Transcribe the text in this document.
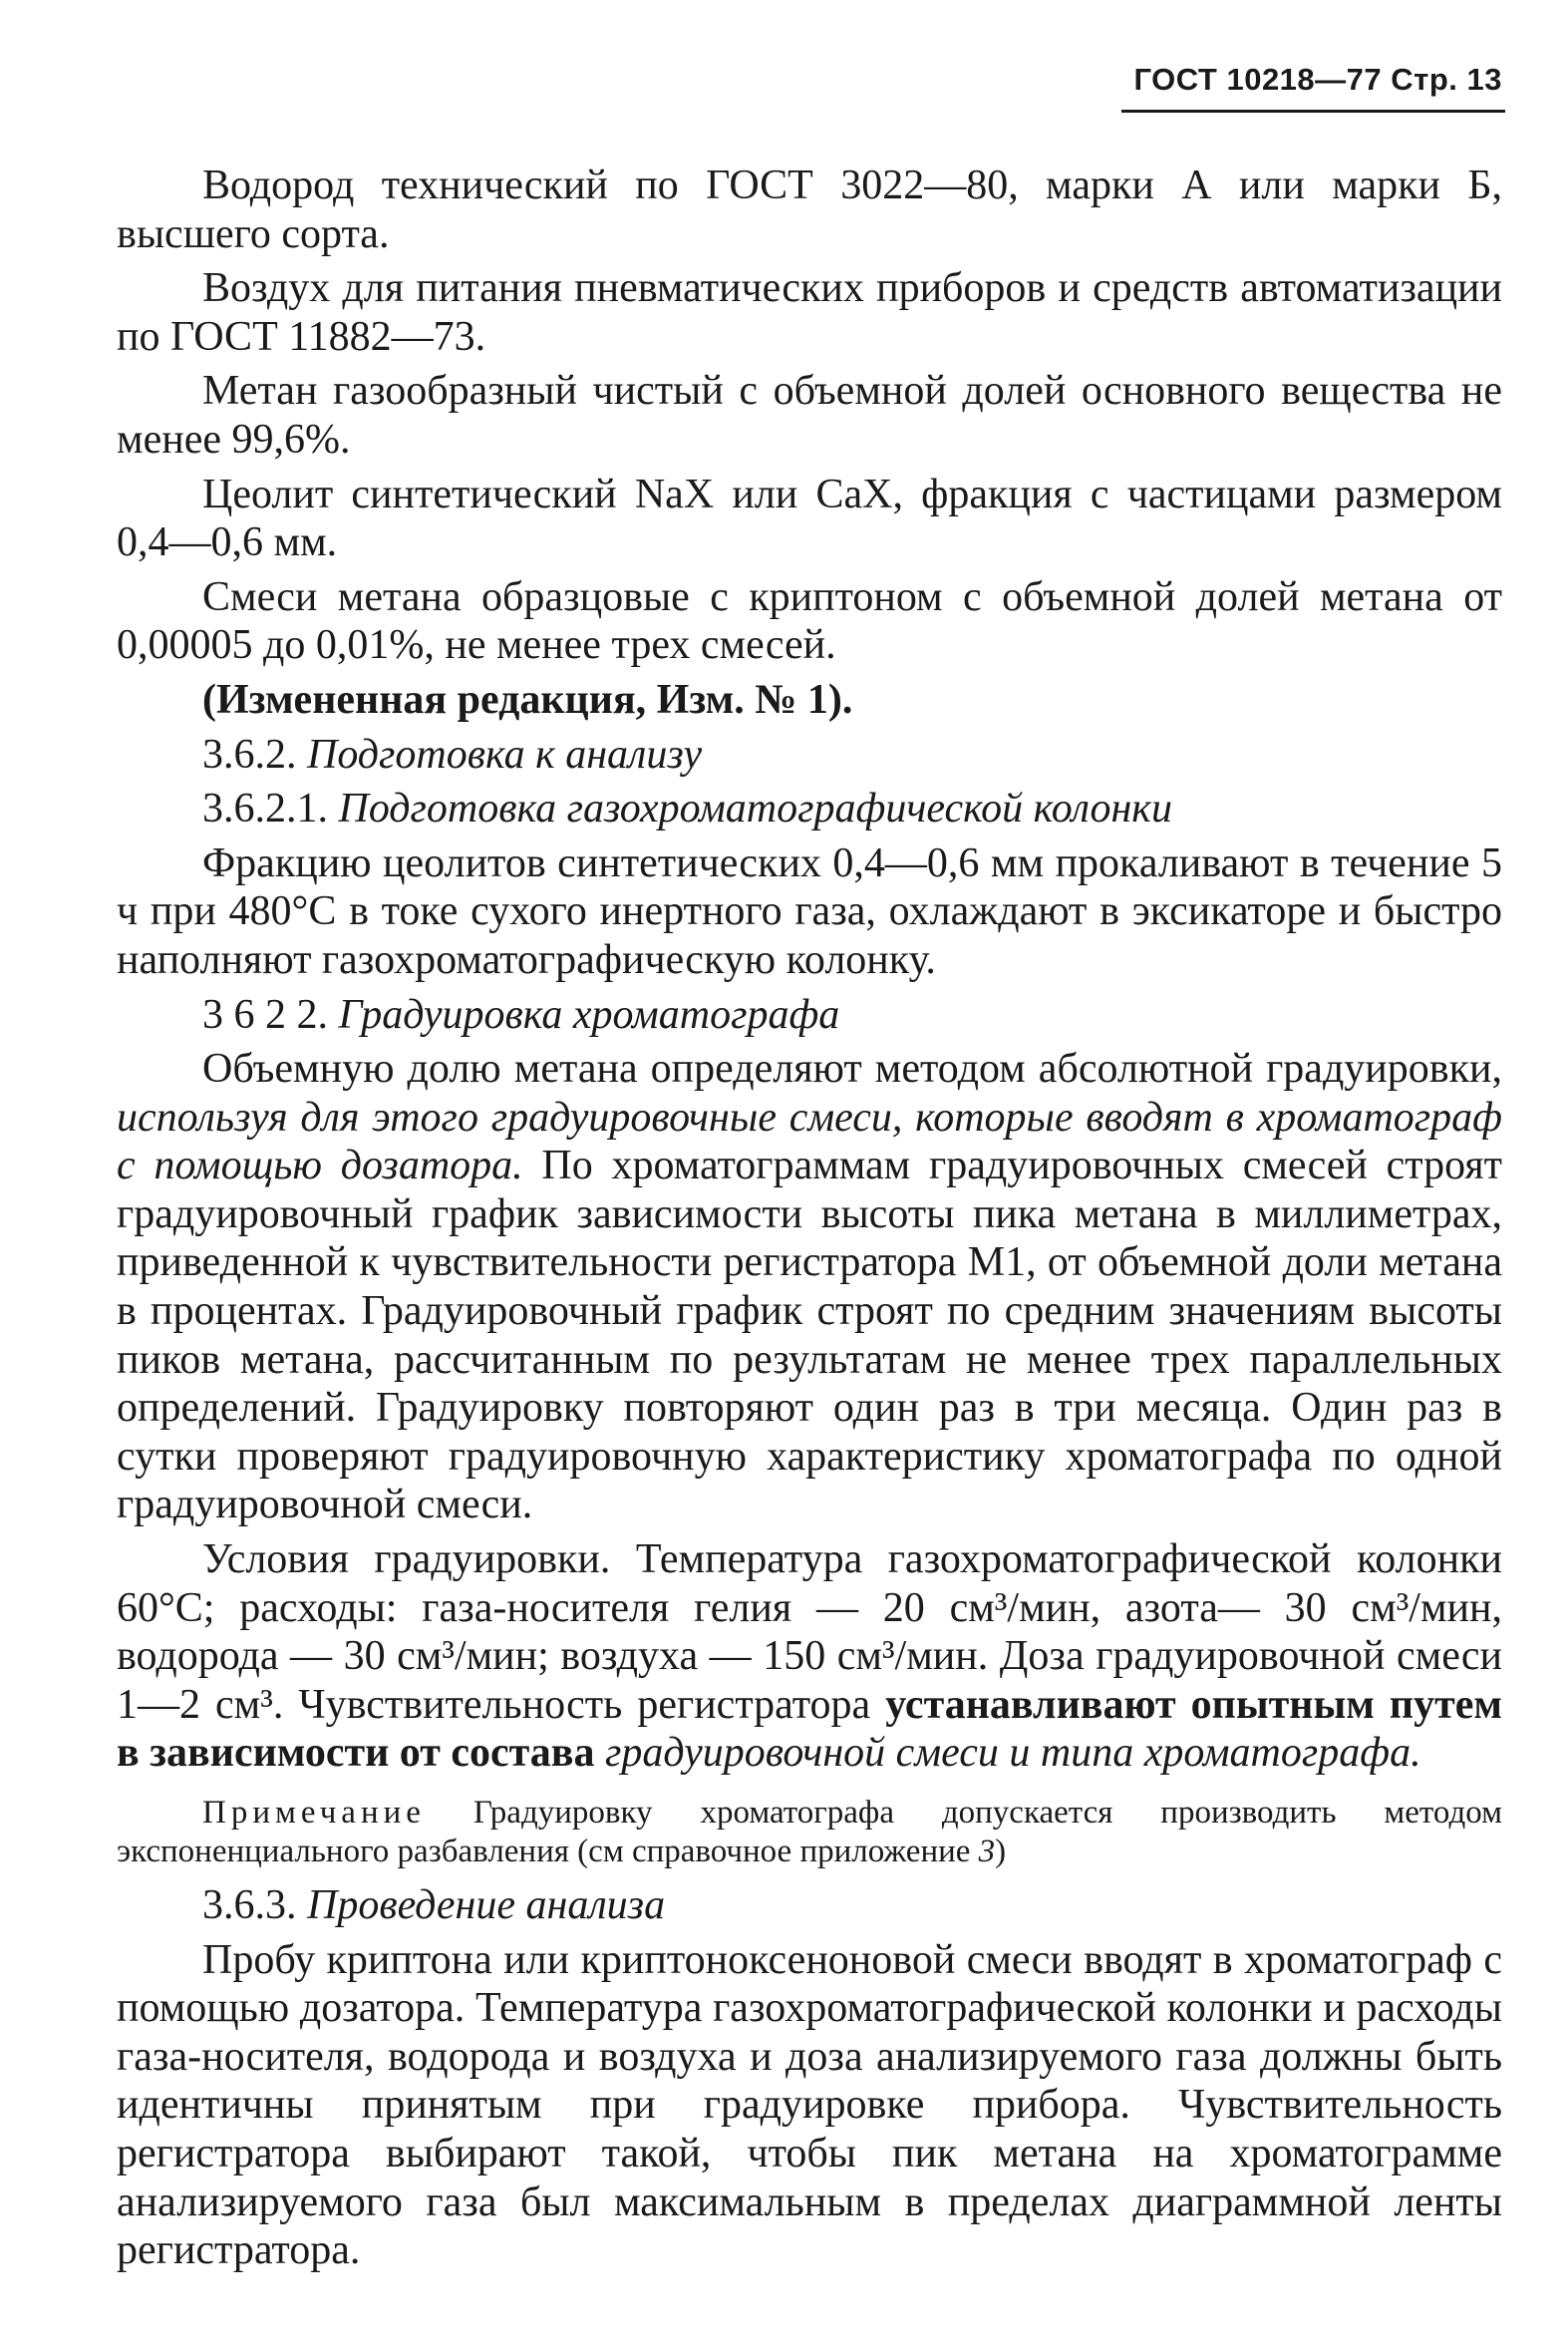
ГОСТ 10218—77 Стр. 13

Водород технический по ГОСТ 3022—80, марки А или марки Б, высшего сорта.

Воздух для питания пневматических приборов и средств автоматизации по ГОСТ 11882—73.

Метан газообразный чистый с объемной долей основного вещества не менее 99,6%.

Цеолит синтетический NaX или CaX, фракция с частицами размером 0,4—0,6 мм.

Смеси метана образцовые с криптоном с объемной долей метана от 0,00005 до 0,01%, не менее трех смесей.

(Измененная редакция, Изм. № 1).

3.6.2. Подготовка к анализу

3.6.2.1. Подготовка газохроматографической колонки

Фракцию цеолитов синтетических 0,4—0,6 мм прокаливают в течение 5 ч при 480°С в токе сухого инертного газа, охлаждают в эксикаторе и быстро наполняют газохроматографическую колонку.

3 6 2 2. Градуировка хроматографа

Объемную долю метана определяют методом абсолютной градуировки, используя для этого градуировочные смеси, которые вводят в хроматограф с помощью дозатора. По хроматограммам градуировочных смесей строят градуировочный график зависимости высоты пика метана в миллиметрах, приведенной к чувствительности регистратора М1, от объемной доли метана в процентах. Градуировочный график строят по средним значениям высоты пиков метана, рассчитанным по результатам не менее трех параллельных определений. Градуировку повторяют один раз в три месяца. Один раз в сутки проверяют градуировочную характеристику хроматографа по одной градуировочной смеси.

Условия градуировки. Температура газохроматографической колонки 60°С; расходы: газа-носителя гелия — 20 см³/мин, азота— 30 см³/мин, водорода — 30 см³/мин; воздуха — 150 см³/мин. Доза градуировочной смеси 1—2 см³. Чувствительность регистратора устанавливают опытным путем в зависимости от состава градуировочной смеси и типа хроматографа.

Примечание Градуировку хроматографа допускается производить методом экспоненциального разбавления (см справочное приложение 3)

3.6.3. Проведение анализа

Пробу криптона или криптоноксеноновой смеси вводят в хроматограф с помощью дозатора. Температура газохроматографической колонки и расходы газа-носителя, водорода и воздуха и доза анализируемого газа должны быть идентичны принятым при градуировке прибора. Чувствительность регистратора выбирают такой, чтобы пик метана на хроматограмме анализируемого газа был максимальным в пределах диаграммной ленты регистратора.
